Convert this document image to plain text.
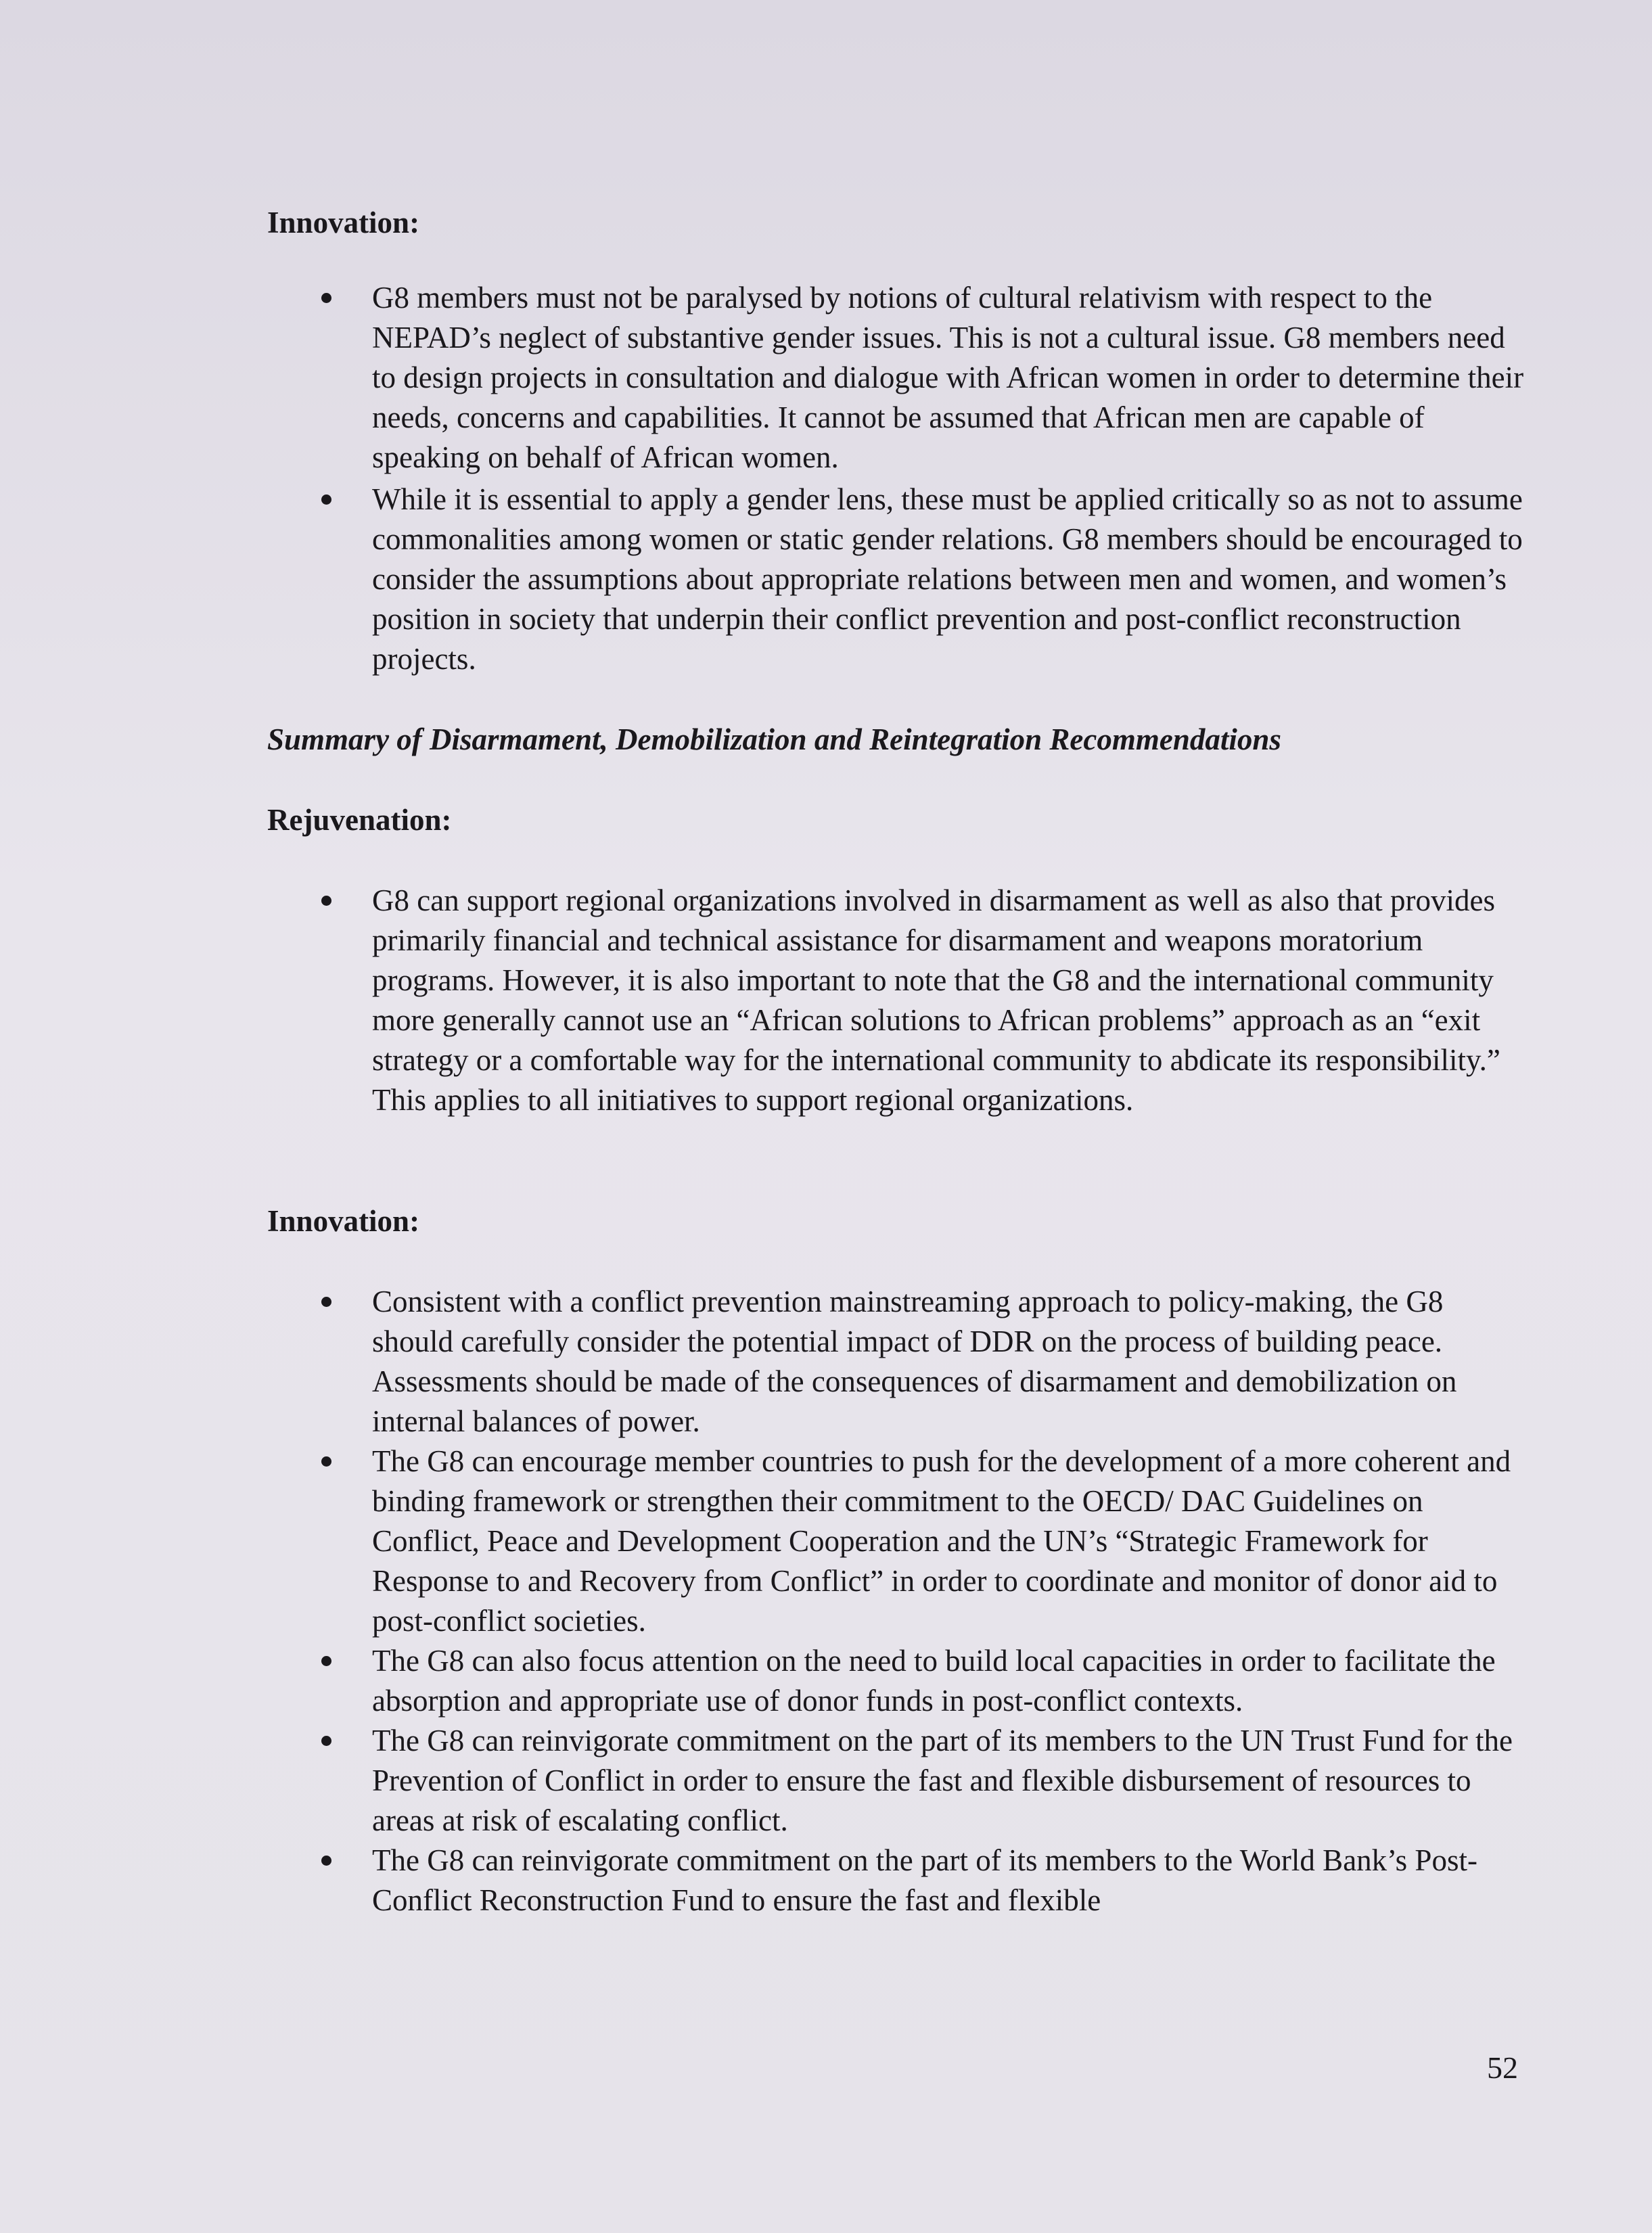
Innovation:

G8 members must not be paralysed by notions of cultural relativism with respect to the NEPAD’s neglect of substantive gender issues. This is not a cultural issue. G8 members need to design projects in consultation and dialogue with African women in order to determine their needs, concerns and capabilities. It cannot be assumed that African men are capable of speaking on behalf of African women.
While it is essential to apply a gender lens, these must be applied critically so as not to assume commonalities among women or static gender relations. G8 members should be encouraged to consider the assumptions about appropriate relations between men and women, and women’s position in society that underpin their conflict prevention and post-conflict reconstruction projects.

Summary of Disarmament, Demobilization and Reintegration Recommendations

Rejuvenation:

G8 can support regional organizations involved in disarmament as well as also that provides primarily financial and technical assistance for disarmament and weapons moratorium programs. However, it is also important to note that the G8 and the international community more generally cannot use an “African solutions to African problems” approach as an “exit strategy or a comfortable way for the international community to abdicate its responsibility.” This applies to all initiatives to support regional organizations.

Innovation:

Consistent with a conflict prevention mainstreaming approach to policy-making, the G8 should carefully consider the potential impact of DDR on the process of building peace. Assessments should be made of the consequences of disarmament and demobilization on internal balances of power.
The G8 can encourage member countries to push for the development of a more coherent and binding framework or strengthen their commitment to the OECD/ DAC Guidelines on Conflict, Peace and Development Cooperation and the UN’s “Strategic Framework for Response to and Recovery from Conflict” in order to coordinate and monitor of donor aid to post-conflict societies.
The G8 can also focus attention on the need to build local capacities in order to facilitate the absorption and appropriate use of donor funds in post-conflict contexts.
The G8 can reinvigorate commitment on the part of its members to the UN Trust Fund for the Prevention of Conflict in order to ensure the fast and flexible disbursement of resources to areas at risk of escalating conflict.
The G8 can reinvigorate commitment on the part of its members to the World Bank’s Post-Conflict Reconstruction Fund to ensure the fast and flexible
52
